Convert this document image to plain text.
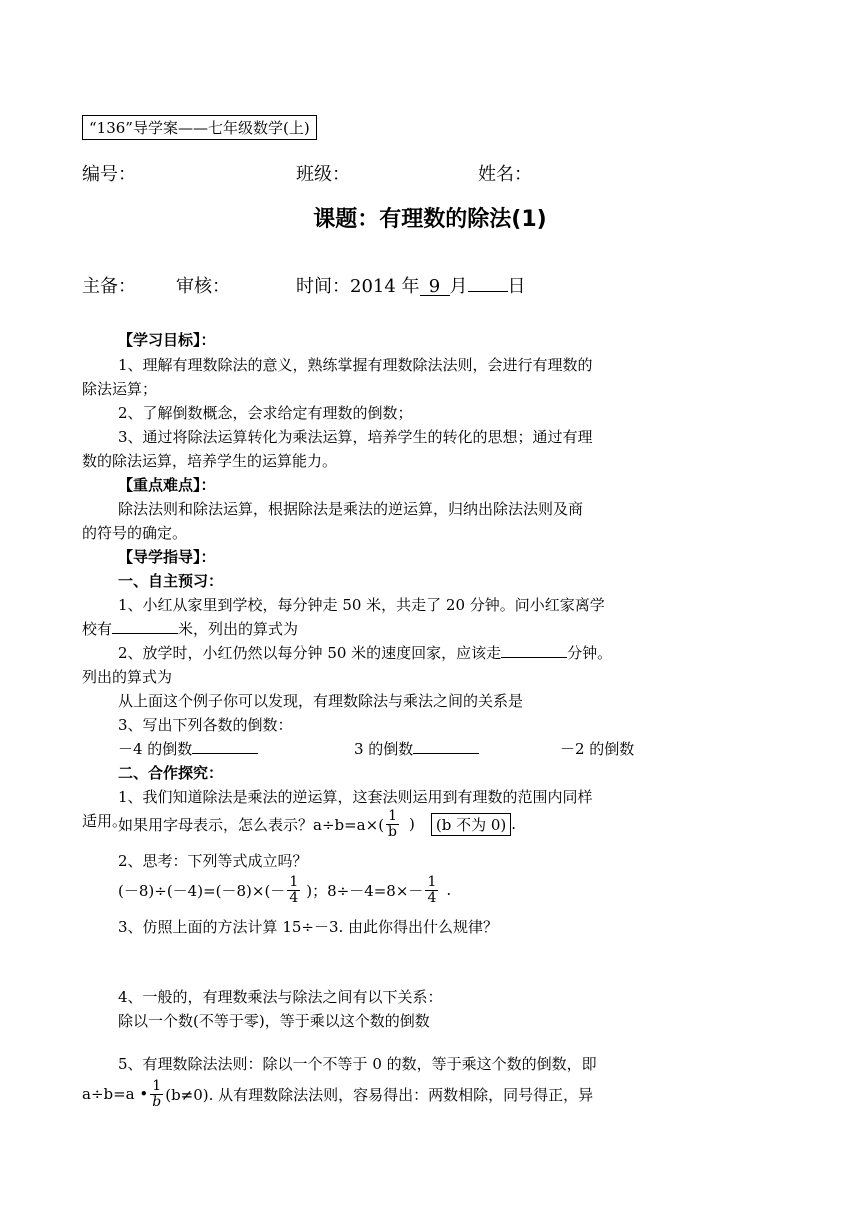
“136”导学案——七年级数学(上)
编号：	班级：	姓名：
课题：有理数的除法(1)
主备： 审核：	时间：2014 年 9 月 日
【学习目标】：
1、理解有理数除法的意义，熟练掌握有理数除法法则，会进行有理数的
除法运算；
2、了解倒数概念，会求给定有理数的倒数；
3、通过将除法运算转化为乘法运算，培养学生的转化的思想；通过有理
数的除法运算，培养学生的运算能力。
【重点难点】：
除法法则和除法运算，根据除法是乘法的逆运算，归纳出除法法则及商
的符号的确定。
【导学指导】：
一、自主预习：
1、小红从家里到学校，每分钟走 50 米，共走了 20 分钟。问小红家离学
校有	米，列出的算式为
2、放学时，小红仍然以每分钟 50 米的速度回家，应该走	分钟。
列出的算式为
从上面这个例子你可以发现，有理数除法与乘法之间的关系是
3、写出下列各数的倒数：
－4 的倒数	3 的倒数	－2 的倒数
二、合作探究：
1、我们知道除法是乘法的逆运算，这套法则运用到有理数的范围内同样
适用。
如果用字母表示，怎么表示？$a\div b=a\times( \frac{1}{b}$ )	(b 不为 0) .
2、思考：下列等式成立吗？
$(-8)\div(-4)=(-8)\times(- \frac{1}{4}$ )；$8\div-4=8\times- \frac{1}{4}$ .
3、仿照上面的方法计算 15÷－3. 由此你得出什么规律？
4、一般的，有理数乘法与除法之间有以下关系：
除以一个数(不等于零)，等于乘以这个数的倒数
5、有理数除法法则：除以一个不等于 0 的数，等于乘这个数的倒数，即
a÷b=a • $\frac{1}{b} (b\ne 0)$. 从有理数除法法则，容易得出：两数相除，同号得正，异
